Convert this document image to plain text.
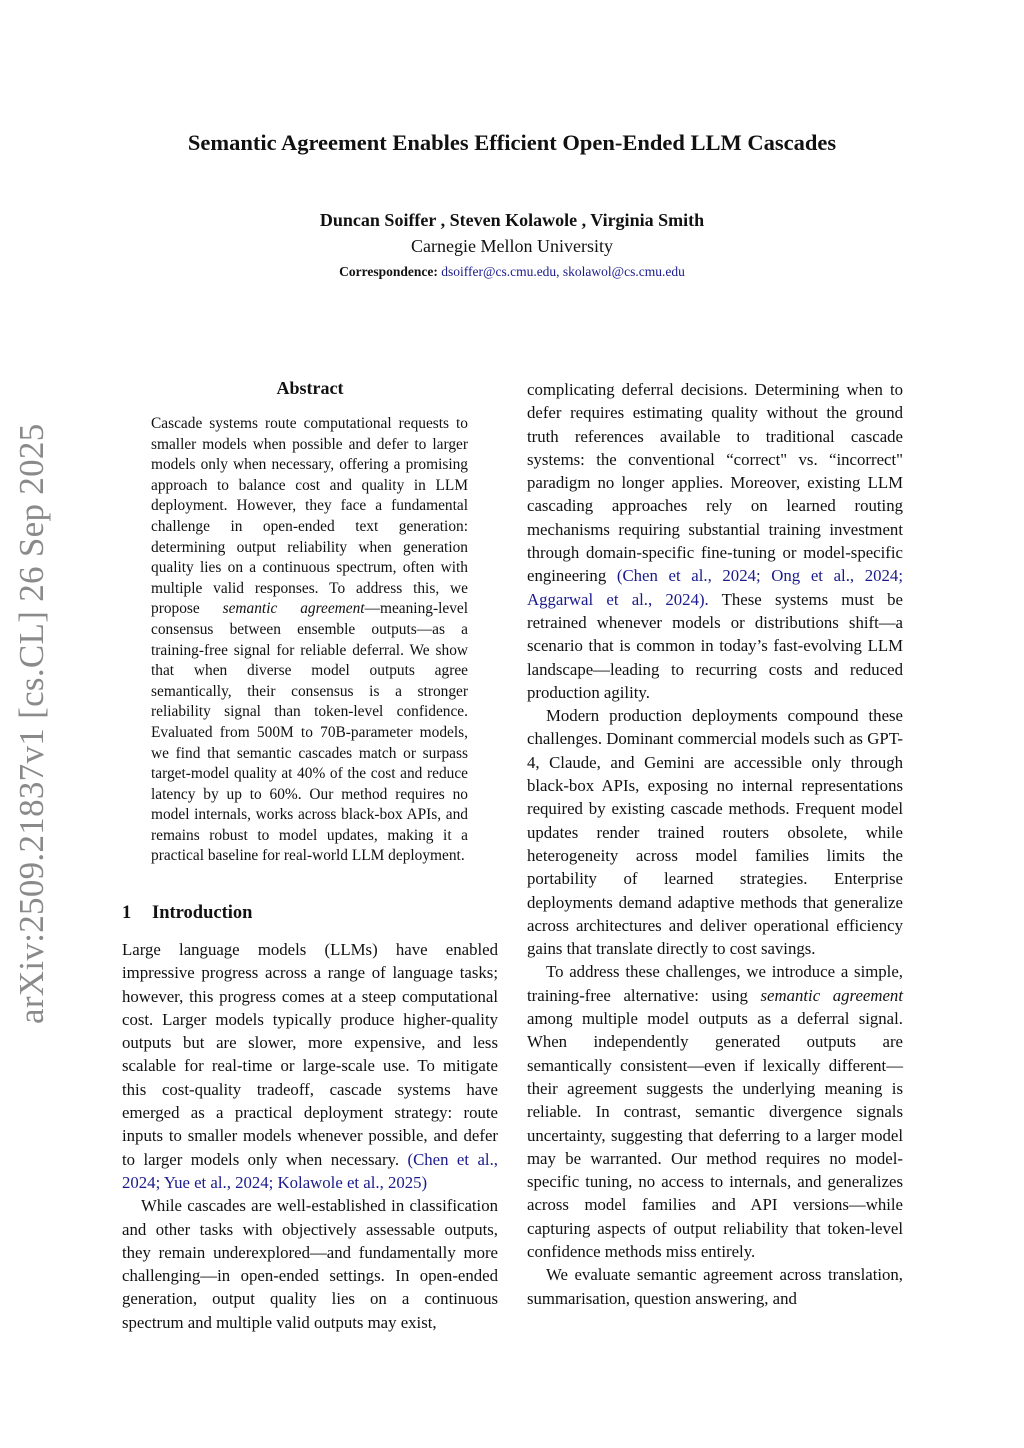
arXiv:2509.21837v1 [cs.CL] 26 Sep 2025
Semantic Agreement Enables Efficient Open-Ended LLM Cascades
Duncan Soiffer , Steven Kolawole , Virginia Smith
Carnegie Mellon University
Correspondence: dsoiffer@cs.cmu.edu, skolawol@cs.cmu.edu
Abstract
Cascade systems route computational requests to smaller models when possible and defer to larger models only when necessary, offering a promising approach to balance cost and quality in LLM deployment. However, they face a fundamental challenge in open-ended text generation: determining output reliability when generation quality lies on a continuous spectrum, often with multiple valid responses. To address this, we propose semantic agreement—meaning-level consensus between ensemble outputs—as a training-free signal for reliable deferral. We show that when diverse model outputs agree semantically, their consensus is a stronger reliability signal than token-level confidence. Evaluated from 500M to 70B-parameter models, we find that semantic cascades match or surpass target-model quality at 40% of the cost and reduce latency by up to 60%. Our method requires no model internals, works across black-box APIs, and remains robust to model updates, making it a practical baseline for real-world LLM deployment.
1 Introduction

Large language models (LLMs) have enabled impressive progress across a range of language tasks; however, this progress comes at a steep computational cost. Larger models typically produce higher-quality outputs but are slower, more expensive, and less scalable for real-time or large-scale use. To mitigate this cost-quality tradeoff, cascade systems have emerged as a practical deployment strategy: route inputs to smaller models whenever possible, and defer to larger models only when necessary. (Chen et al., 2024; Yue et al., 2024; Kolawole et al., 2025)

While cascades are well-established in classification and other tasks with objectively assessable outputs, they remain underexplored—and fundamentally more challenging—in open-ended settings. In open-ended generation, output quality lies on a continuous spectrum and multiple valid outputs may exist,

complicating deferral decisions. Determining when to defer requires estimating quality without the ground truth references available to traditional cascade systems: the conventional “correct" vs. “incorrect" paradigm no longer applies. Moreover, existing LLM cascading approaches rely on learned routing mechanisms requiring substantial training investment through domain-specific fine-tuning or model-specific engineering (Chen et al., 2024; Ong et al., 2024; Aggarwal et al., 2024). These systems must be retrained whenever models or distributions shift—a scenario that is common in today’s fast-evolving LLM landscape—leading to recurring costs and reduced production agility.

Modern production deployments compound these challenges. Dominant commercial models such as GPT-4, Claude, and Gemini are accessible only through black-box APIs, exposing no internal representations required by existing cascade methods. Frequent model updates render trained routers obsolete, while heterogeneity across model families limits the portability of learned strategies. Enterprise deployments demand adaptive methods that generalize across architectures and deliver operational efficiency gains that translate directly to cost savings.

To address these challenges, we introduce a simple, training-free alternative: using semantic agreement among multiple model outputs as a deferral signal. When independently generated outputs are semantically consistent—even if lexically different—their agreement suggests the underlying meaning is reliable. In contrast, semantic divergence signals uncertainty, suggesting that deferring to a larger model may be warranted. Our method requires no model-specific tuning, no access to internals, and generalizes across model families and API versions—while capturing aspects of output reliability that token-level confidence methods miss entirely.

We evaluate semantic agreement across translation, summarisation, question answering, and
